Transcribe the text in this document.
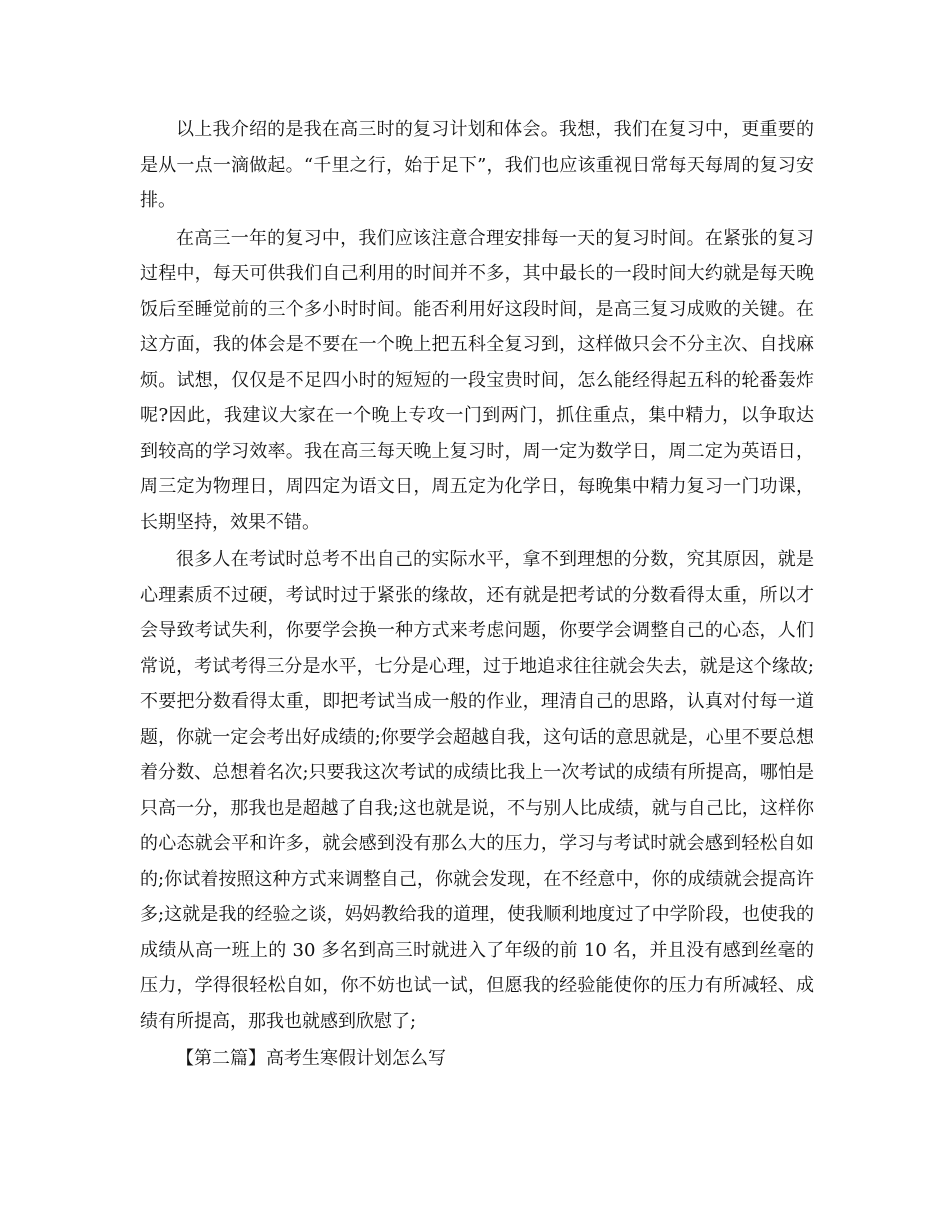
以上我介绍的是我在高三时的复习计划和体会。我想，我们在复习中，更重要的是从一点一滴做起。“千里之行，始于足下”，我们也应该重视日常每天每周的复习安排。

在高三一年的复习中，我们应该注意合理安排每一天的复习时间。在紧张的复习过程中，每天可供我们自己利用的时间并不多，其中最长的一段时间大约就是每天晚饭后至睡觉前的三个多小时时间。能否利用好这段时间，是高三复习成败的关键。在这方面，我的体会是不要在一个晚上把五科全复习到，这样做只会不分主次、自找麻烦。试想，仅仅是不足四小时的短短的一段宝贵时间，怎么能经得起五科的轮番轰炸呢?因此，我建议大家在一个晚上专攻一门到两门，抓住重点，集中精力，以争取达到较高的学习效率。我在高三每天晚上复习时，周一定为数学日，周二定为英语日，周三定为物理日，周四定为语文日，周五定为化学日，每晚集中精力复习一门功课，长期坚持，效果不错。

很多人在考试时总考不出自己的实际水平，拿不到理想的分数，究其原因，就是心理素质不过硬，考试时过于紧张的缘故，还有就是把考试的分数看得太重，所以才会导致考试失利，你要学会换一种方式来考虑问题，你要学会调整自己的心态，人们常说，考试考得三分是水平，七分是心理，过于地追求往往就会失去，就是这个缘故;不要把分数看得太重，即把考试当成一般的作业，理清自己的思路，认真对付每一道题，你就一定会考出好成绩的;你要学会超越自我，这句话的意思就是，心里不要总想着分数、总想着名次;只要我这次考试的成绩比我上一次考试的成绩有所提高，哪怕是只高一分，那我也是超越了自我;这也就是说，不与别人比成绩，就与自己比，这样你的心态就会平和许多，就会感到没有那么大的压力，学习与考试时就会感到轻松自如的;你试着按照这种方式来调整自己，你就会发现，在不经意中，你的成绩就会提高许多;这就是我的经验之谈，妈妈教给我的道理，使我顺利地度过了中学阶段，也使我的成绩从高一班上的 30 多名到高三时就进入了年级的前 10 名，并且没有感到丝毫的压力，学得很轻松自如，你不妨也试一试，但愿我的经验能使你的压力有所减轻、成绩有所提高，那我也就感到欣慰了;

【第二篇】高考生寒假计划怎么写
